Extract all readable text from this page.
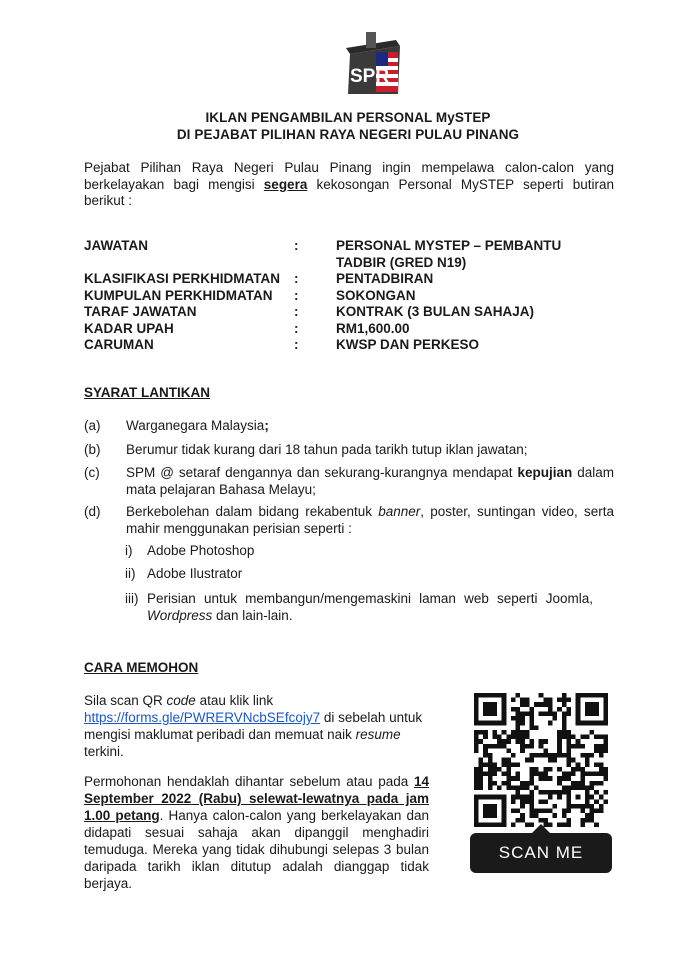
SPR
IKLAN PENGAMBILAN PERSONAL MySTEP
DI PEJABAT PILIHAN RAYA NEGERI PULAU PINANG
Pejabat Pilihan Raya Negeri Pulau Pinang ingin mempelawa calon-calon yang berkelayakan bagi mengisi segera kekosongan Personal MySTEP seperti butiran berikut :
JAWATAN	:	PERSONAL MYSTEP – PEMBANTU TADBIR (GRED N19)
KLASIFIKASI PERKHIDMATAN :	PENTADBIRAN
KUMPULAN PERKHIDMATAN :	SOKONGAN
TARAF JAWATAN	:	KONTRAK (3 BULAN SAHAJA)
KADAR UPAH	:	RM1,600.00
CARUMAN	:	KWSP DAN PERKESO
SYARAT LANTIKAN
(a) Warganegara Malaysia;
(b) Berumur tidak kurang dari 18 tahun pada tarikh tutup iklan jawatan;
(c) SPM @ setaraf dengannya dan sekurang-kurangnya mendapat kepujian dalam mata pelajaran Bahasa Melayu;
(d) Berkebolehan dalam bidang rekabentuk banner, poster, suntingan video, serta mahir menggunakan perisian seperti :
i) Adobe Photoshop
ii) Adobe Ilustrator
iii) Perisian untuk membangun/mengemaskini laman web seperti Joomla, Wordpress dan lain-lain.
CARA MEMOHON
Sila scan QR code atau klik link
https://forms.gle/PWRERVNcbSEfcojy7 di sebelah untuk mengisi maklumat peribadi dan memuat naik resume terkini.
Permohonan hendaklah dihantar sebelum atau pada 14 September 2022 (Rabu) selewat-lewatnya pada jam 1.00 petang. Hanya calon-calon yang berkelayakan dan didapati sesuai sahaja akan dipanggil menghadiri temuduga. Mereka yang tidak dihubungi selepas 3 bulan daripada tarikh iklan ditutup adalah dianggap tidak berjaya.
SCAN ME
